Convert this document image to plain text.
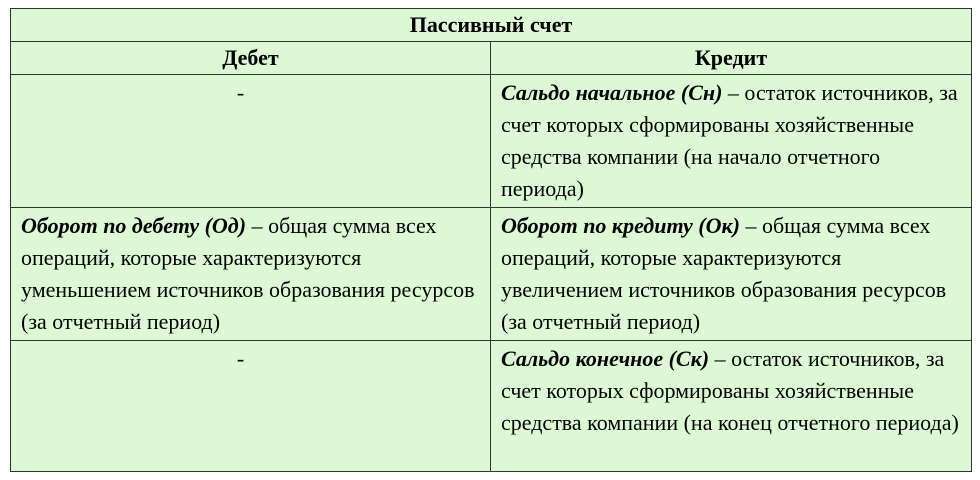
Пассивный счет	
Дебет	Кредит
-	Сальдо начальное (Сн) – остаток источников, за счет которых сформированы хозяйственные средства компании (на начало отчетного периода)
Оборот по дебету (Од) – общая сумма всех операций, которые характеризуются уменьшением источников образования ресурсов (за отчетный период)	Оборот по кредиту (Ок) – общая сумма всех операций, которые характеризуются увеличением источников образования ресурсов (за отчетный период)
-	Сальдо конечное (Ск) – остаток источников, за счет которых сформированы хозяйственные средства компании (на конец отчетного периода)
